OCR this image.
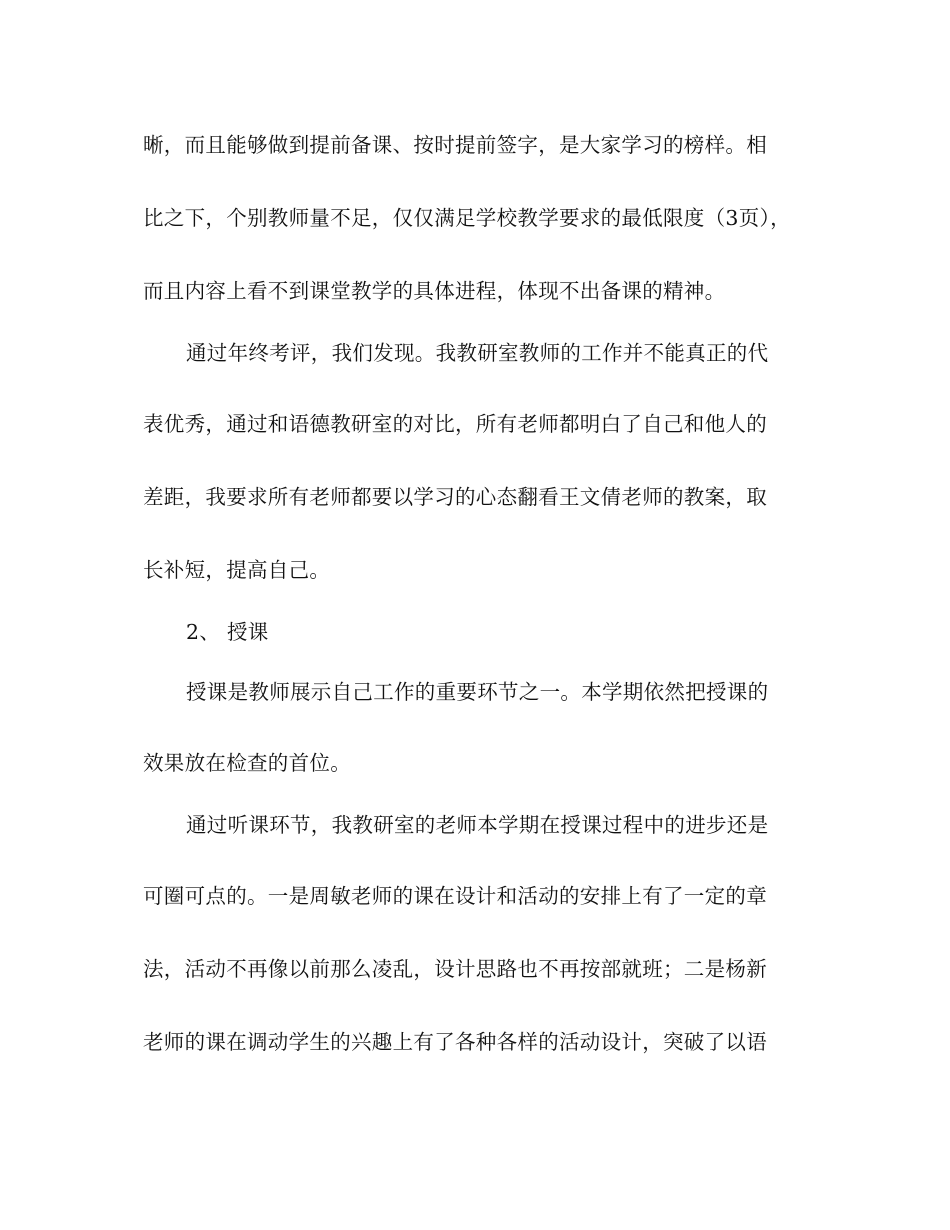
晰，而且能够做到提前备课、按时提前签字，是大家学习的榜样。相
比之下，个别教师量不足，仅仅满足学校教学要求的最低限度（3页），
而且内容上看不到课堂教学的具体进程，体现不出备课的精神。
通过年终考评，我们发现。我教研室教师的工作并不能真正的代
表优秀，通过和语德教研室的对比，所有老师都明白了自己和他人的
差距，我要求所有老师都要以学习的心态翻看王文倩老师的教案，取
长补短，提高自己。
2、 授课
授课是教师展示自己工作的重要环节之一。本学期依然把授课的
效果放在检查的首位。
通过听课环节，我教研室的老师本学期在授课过程中的进步还是
可圈可点的。一是周敏老师的课在设计和活动的安排上有了一定的章
法，活动不再像以前那么凌乱，设计思路也不再按部就班；二是杨新
老师的课在调动学生的兴趣上有了各种各样的活动设计，突破了以语
